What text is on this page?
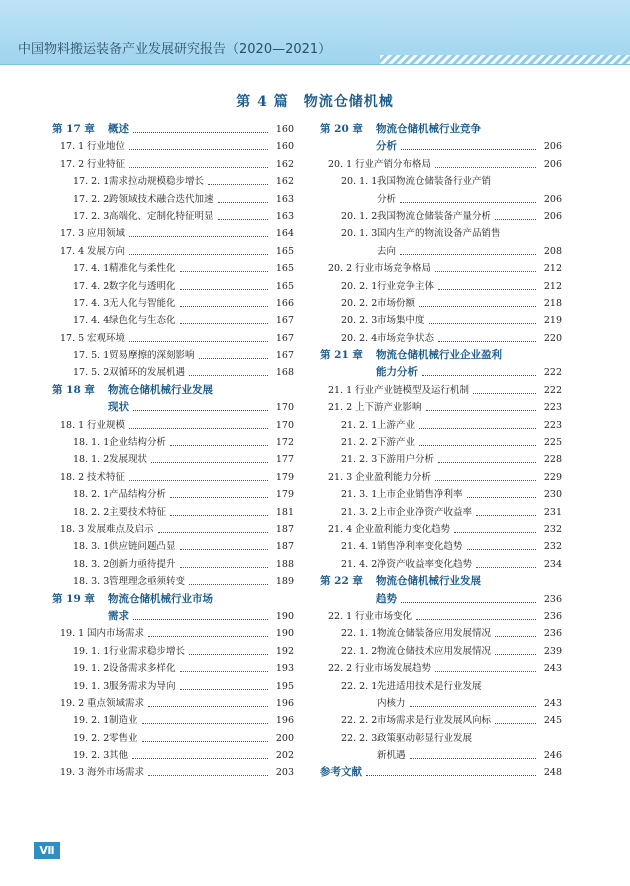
中国物料搬运装备产业发展研究报告（2020—2021）
第 4 篇　物流仓储机械
第 17 章	概述	160
17. 1 行业地位	160
17. 2 行业特征	162
17. 2. 1 需求拉动规模稳步增长	162
17. 2. 2 跨领域技术融合迭代加速	163
17. 2. 3 高端化、定制化特征明显	163
17. 3 应用领域	164
17. 4 发展方向	165
17. 4. 1 精准化与柔性化	165
17. 4. 2 数字化与透明化	165
17. 4. 3 无人化与智能化	166
17. 4. 4 绿色化与生态化	167
17. 5 宏观环境	167
17. 5. 1 贸易摩擦的深刻影响	167
17. 5. 2 双循环的发展机遇	168
第 18 章	物流仓储机械行业发展
现状	170
18. 1 行业规模	170
18. 1. 1 企业结构分析	172
18. 1. 2 发展现状	177
18. 2 技术特征	179
18. 2. 1 产品结构分析	179
18. 2. 2 主要技术特征	181
18. 3 发展难点及启示	187
18. 3. 1 供应链问题凸显	187
18. 3. 2 创新力亟待提升	188
18. 3. 3 管理理念亟须转变	189
第 19 章	物流仓储机械行业市场
需求	190
19. 1 国内市场需求	190
19. 1. 1 行业需求稳步增长	192
19. 1. 2 设备需求多样化	193
19. 1. 3 服务需求为导向	195
19. 2 重点领域需求	196
19. 2. 1 制造业	196
19. 2. 2 零售业	200
19. 2. 3 其他	202
19. 3 海外市场需求	203
第 20 章	物流仓储机械行业竞争
分析	206
20. 1 行业产销分布格局	206
20. 1. 1 我国物流仓储装备行业产销
分析	206
20. 1. 2 我国物流仓储装备产量分析	206
20. 1. 3 国内生产的物流设备产品销售
去向	208
20. 2 行业市场竞争格局	212
20. 2. 1 行业竞争主体	212
20. 2. 2 市场份额	218
20. 2. 3 市场集中度	219
20. 2. 4 市场竞争状态	220
第 21 章	物流仓储机械行业企业盈利
能力分析	222
21. 1 行业产业链模型及运行机制	222
21. 2 上下游产业影响	223
21. 2. 1 上游产业	223
21. 2. 2 下游产业	225
21. 2. 3 下游用户分析	228
21. 3 企业盈利能力分析	229
21. 3. 1 上市企业销售净利率	230
21. 3. 2 上市企业净资产收益率	231
21. 4 企业盈利能力变化趋势	232
21. 4. 1 销售净利率变化趋势	232
21. 4. 2 净资产收益率变化趋势	234
第 22 章	物流仓储机械行业发展
趋势	236
22. 1 行业市场变化	236
22. 1. 1 物流仓储装备应用发展情况	236
22. 1. 2 物流仓储技术应用发展情况	239
22. 2 行业市场发展趋势	243
22. 2. 1 先进适用技术是行业发展
内核力	243
22. 2. 2 市场需求是行业发展风向标	245
22. 2. 3 政策驱动彰显行业发展
新机遇	246
参考文献	248
Ⅶ
